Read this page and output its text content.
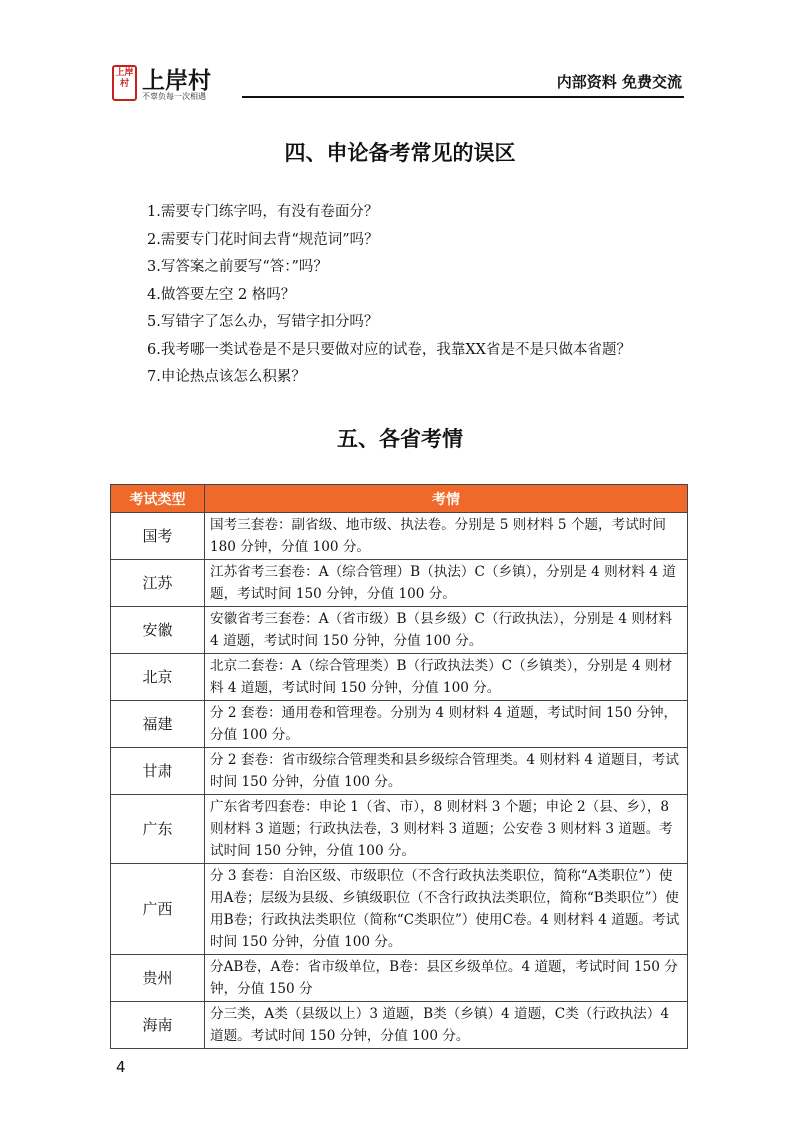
上岸村 上岸村
不辜负每一次相遇
内部资料 免费交流
四、申论备考常见的误区
1.需要专门练字吗，有没有卷面分？
2.需要专门花时间去背“规范词”吗？
3.写答案之前要写“答：”吗？
4.做答要左空 2 格吗？
5.写错字了怎么办，写错字扣分吗？
6.我考哪一类试卷是不是只要做对应的试卷，我靠XX省是不是只做本省题？
7.申论热点该怎么积累？
五、各省考情
考试类型	考情
国考	国考三套卷：副省级、地市级、执法卷。分别是 5 则材料 5 个题，考试时间 180 分钟，分值 100 分。
江苏	江苏省考三套卷：A（综合管理）B（执法）C（乡镇），分别是 4 则材料 4 道题，考试时间 150 分钟，分值 100 分。
安徽	安徽省考三套卷：A（省市级）B（县乡级）C（行政执法），分别是 4 则材料 4 道题，考试时间 150 分钟，分值 100 分。
北京	北京二套卷：A（综合管理类）B（行政执法类）C（乡镇类），分别是 4 则材料 4 道题，考试时间 150 分钟，分值 100 分。
福建	分 2 套卷：通用卷和管理卷。分别为 4 则材料 4 道题，考试时间 150 分钟，分值 100 分。
甘肃	分 2 套卷：省市级综合管理类和县乡级综合管理类。4 则材料 4 道题目，考试时间 150 分钟，分值 100 分。
广东	广东省考四套卷：申论 1（省、市），8 则材料 3 个题；申论 2（县、乡），8 则材料 3 道题；行政执法卷，3 则材料 3 道题；公安卷 3 则材料 3 道题。考试时间 150 分钟，分值 100 分。
广西	分 3 套卷：自治区级、市级职位（不含行政执法类职位，简称“A类职位”）使用A卷；层级为县级、乡镇级职位（不含行政执法类职位，简称“B类职位”）使用B卷；行政执法类职位（简称“C类职位”）使用C卷。4 则材料 4 道题。考试时间 150 分钟，分值 100 分。
贵州	分AB卷，A卷：省市级单位，B卷：县区乡级单位。4 道题，考试时间 150 分钟，分值 150 分
海南	分三类，A类（县级以上）3 道题，B类（乡镇）4 道题，C类（行政执法）4 道题。考试时间 150 分钟，分值 100 分。
4
